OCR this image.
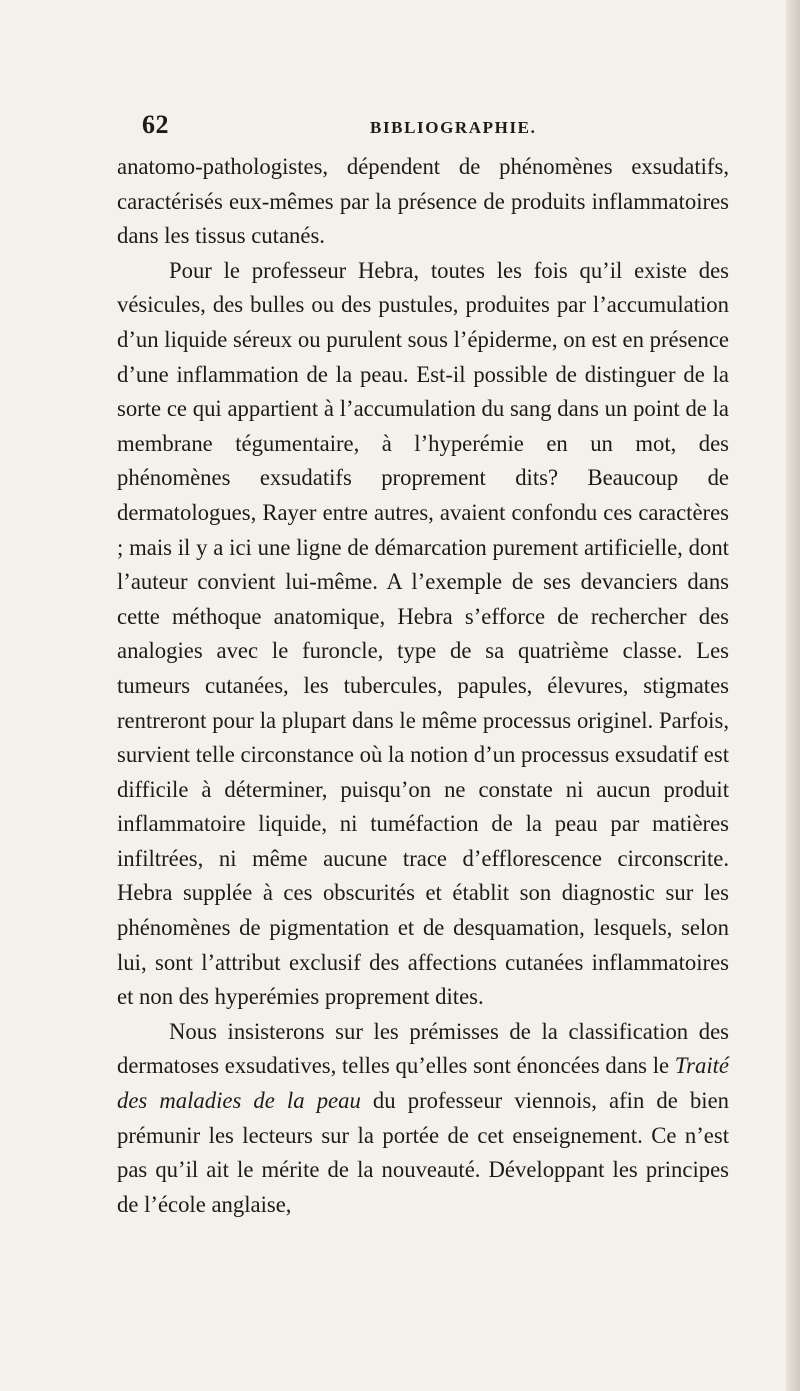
62	BIBLIOGRAPHIE.

anatomo-pathologistes, dépendent de phénomènes exsudatifs, caractérisés eux-mêmes par la présence de produits inflammatoires dans les tissus cutanés.

Pour le professeur Hebra, toutes les fois qu’il existe des vésicules, des bulles ou des pustules, produites par l’accumulation d’un liquide séreux ou purulent sous l’épiderme, on est en présence d’une inflammation de la peau. Est-il possible de distinguer de la sorte ce qui appartient à l’accumulation du sang dans un point de la membrane tégumentaire, à l’hyperémie en un mot, des phénomènes exsudatifs proprement dits? Beaucoup de dermatologues, Rayer entre autres, avaient confondu ces caractères ; mais il y a ici une ligne de démarcation purement artificielle, dont l’auteur convient lui-même. A l’exemple de ses devanciers dans cette méthoque anatomique, Hebra s’efforce de rechercher des analogies avec le furoncle, type de sa quatrième classe. Les tumeurs cutanées, les tubercules, papules, élevures, stigmates rentreront pour la plupart dans le même processus originel. Parfois, survient telle circonstance où la notion d’un processus exsudatif est difficile à déterminer, puisqu’on ne constate ni aucun produit inflammatoire liquide, ni tuméfaction de la peau par matières infiltrées, ni même aucune trace d’efflorescence circonscrite. Hebra supplée à ces obscurités et établit son diagnostic sur les phénomènes de pigmentation et de desquamation, lesquels, selon lui, sont l’attribut exclusif des affections cutanées inflammatoires et non des hyperémies proprement dites.

Nous insisterons sur les prémisses de la classification des dermatoses exsudatives, telles qu’elles sont énoncées dans le Traité des maladies de la peau du professeur viennois, afin de bien prémunir les lecteurs sur la portée de cet enseignement. Ce n’est pas qu’il ait le mérite de la nouveauté. Développant les principes de l’école anglaise,
